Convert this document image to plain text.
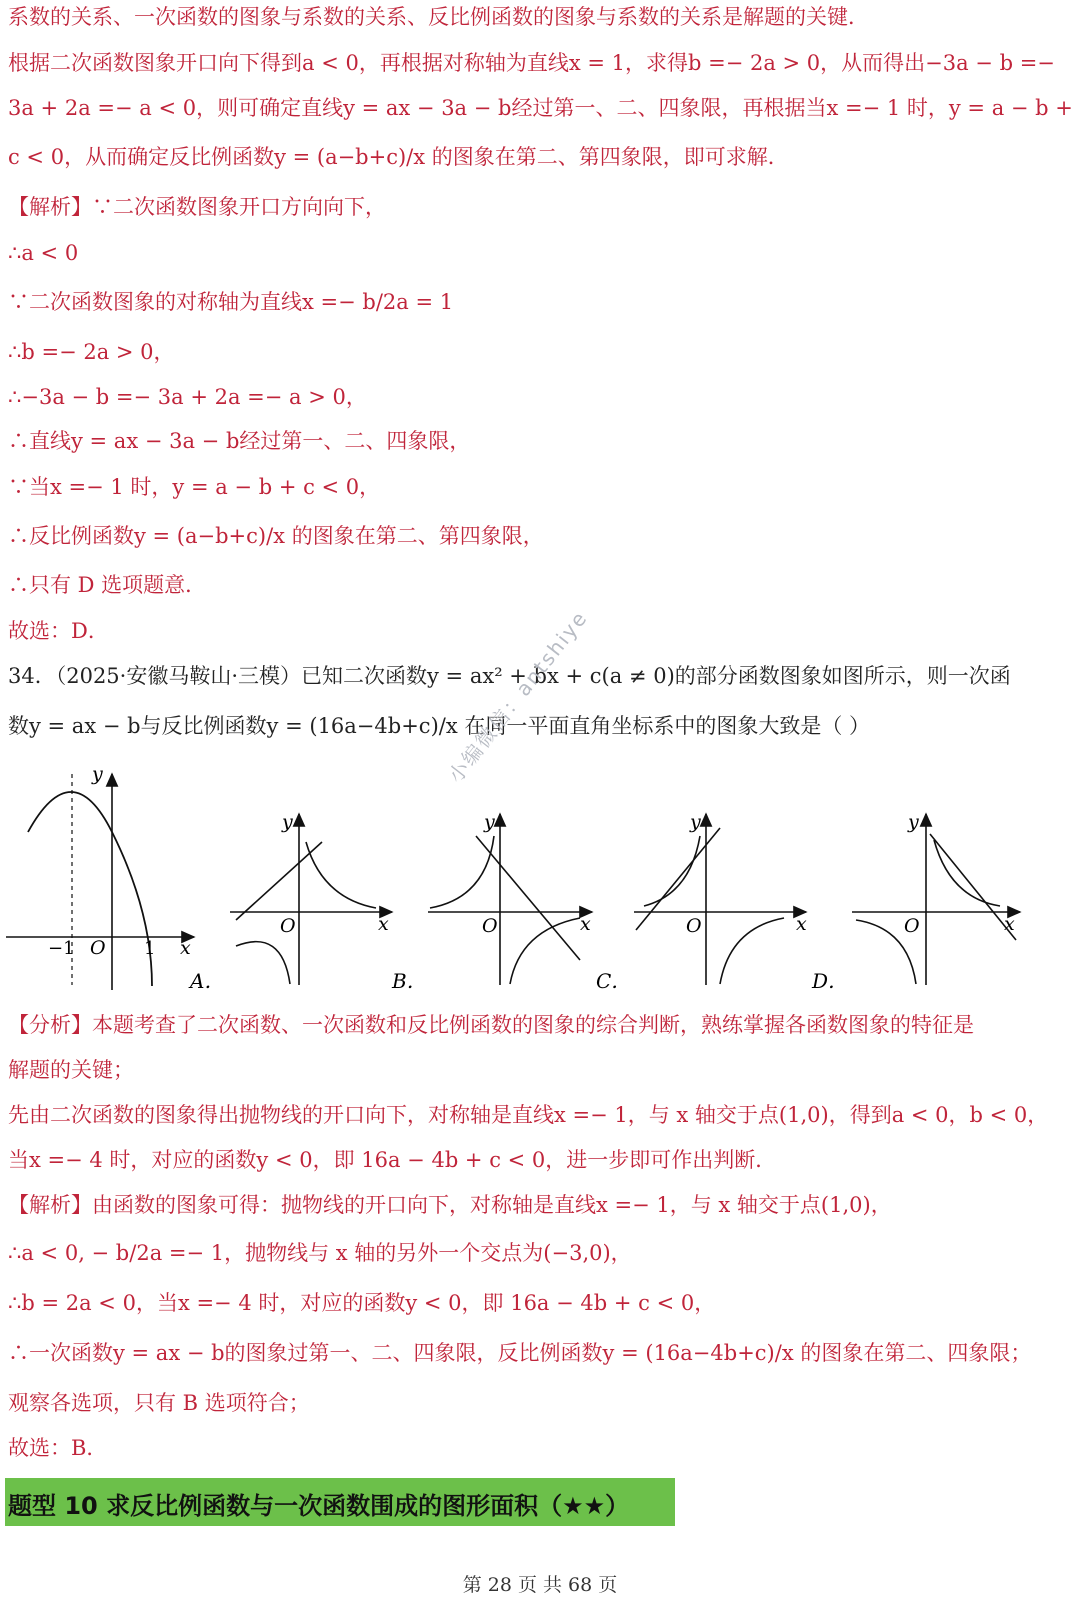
系数的关系、一次函数的图象与系数的关系、反比例函数的图象与系数的关系是解题的关键．
根据二次函数图象开口向下得到a < 0，再根据对称轴为直线x = 1，求得b =− 2a > 0，从而得出−3a − b =−
3a + 2a =− a < 0，则可确定直线y = ax − 3a − b经过第一、二、四象限，再根据当x =− 1 时，y = a − b +
c < 0，从而确定反比例函数y = (a−b+c)/x 的图象在第二、第四象限，即可求解．
【解析】∵二次函数图象开口方向向下，
∴a < 0
∵二次函数图象的对称轴为直线x =− b/2a = 1
∴b =− 2a > 0，
∴−3a − b =− 3a + 2a =− a > 0，
∴直线y = ax − 3a − b经过第一、二、四象限，
∵当x =− 1 时，y = a − b + c < 0，
∴反比例函数y = (a−b+c)/x 的图象在第二、第四象限，
∴只有 D 选项题意．
故选：D．
34．（2025·安徽马鞍山·三模）已知二次函数y = ax² + bx + c(a ≠ 0)的部分函数图象如图所示，则一次函
数y = ax − b与反比例函数y = (16a−4b+c)/x 在同一平面直角坐标系中的图象大致是（ ）
【分析】本题考查了二次函数、一次函数和反比例函数的图象的综合判断，熟练掌握各函数图象的特征是
解题的关键；
先由二次函数的图象得出抛物线的开口向下，对称轴是直线x =− 1，与 x 轴交于点(1,0)，得到a < 0，b < 0，
当x =− 4 时，对应的函数y < 0，即 16a − 4b + c < 0，进一步即可作出判断．
【解析】由函数的图象可得：抛物线的开口向下，对称轴是直线x =− 1，与 x 轴交于点(1,0)，
∴a < 0, − b/2a =− 1，抛物线与 x 轴的另外一个交点为(−3,0)，
∴b = 2a < 0，当x =− 4 时，对应的函数y < 0，即 16a − 4b + c < 0，
∴一次函数y = ax − b的图象过第一、二、四象限，反比例函数y = (16a−4b+c)/x 的图象在第二、四象限；
观察各选项，只有 B 选项符合；
故选：B．
y
x
O
−1	1
y
x
O
A．
y
x
O
B．
y
x
O
C．
y
x
O
D．
小编微信：antshiye
题型 10 求反比例函数与一次函数围成的图形面积（★★）
第 28 页 共 68 页
